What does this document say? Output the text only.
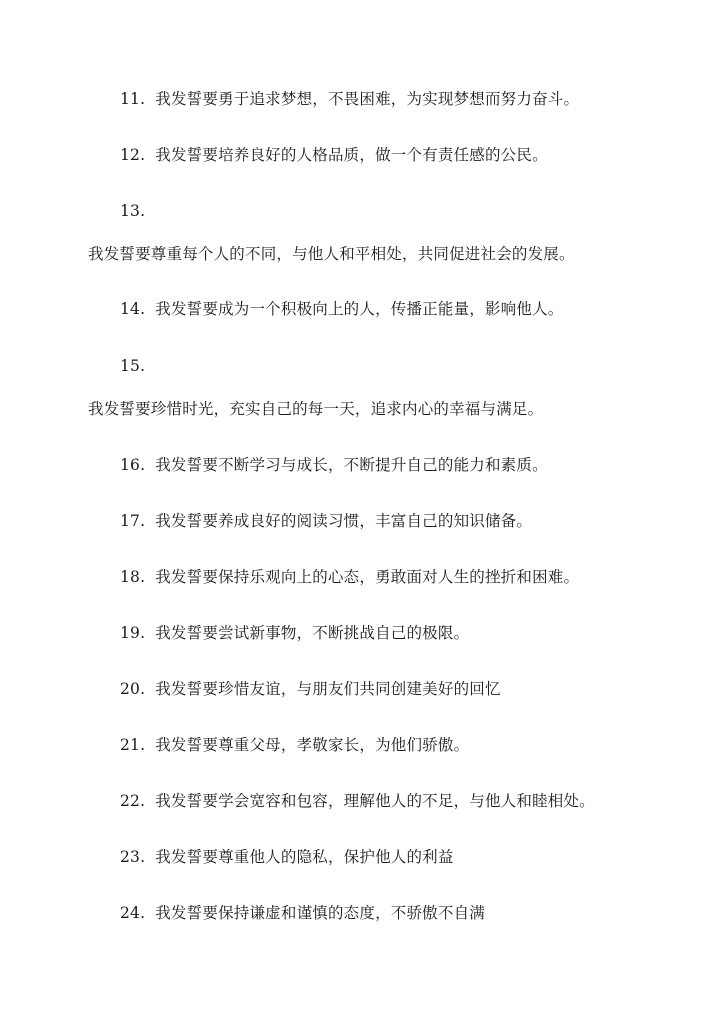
11. 我发誓要勇于追求梦想，不畏困难，为实现梦想而努力奋斗。
12. 我发誓要培养良好的人格品质，做一个有责任感的公民。
13.
我发誓要尊重每个人的不同，与他人和平相处，共同促进社会的发展。
14. 我发誓要成为一个积极向上的人，传播正能量，影响他人。
15.
我发誓要珍惜时光，充实自己的每一天，追求内心的幸福与满足。
16. 我发誓要不断学习与成长，不断提升自己的能力和素质。
17. 我发誓要养成良好的阅读习惯，丰富自己的知识储备。
18. 我发誓要保持乐观向上的心态，勇敢面对人生的挫折和困难。
19. 我发誓要尝试新事物，不断挑战自己的极限。
20. 我发誓要珍惜友谊，与朋友们共同创建美好的回忆
21. 我发誓要尊重父母，孝敬家长，为他们骄傲。
22. 我发誓要学会宽容和包容，理解他人的不足，与他人和睦相处。
23. 我发誓要尊重他人的隐私，保护他人的利益
24. 我发誓要保持谦虚和谨慎的态度，不骄傲不自满
